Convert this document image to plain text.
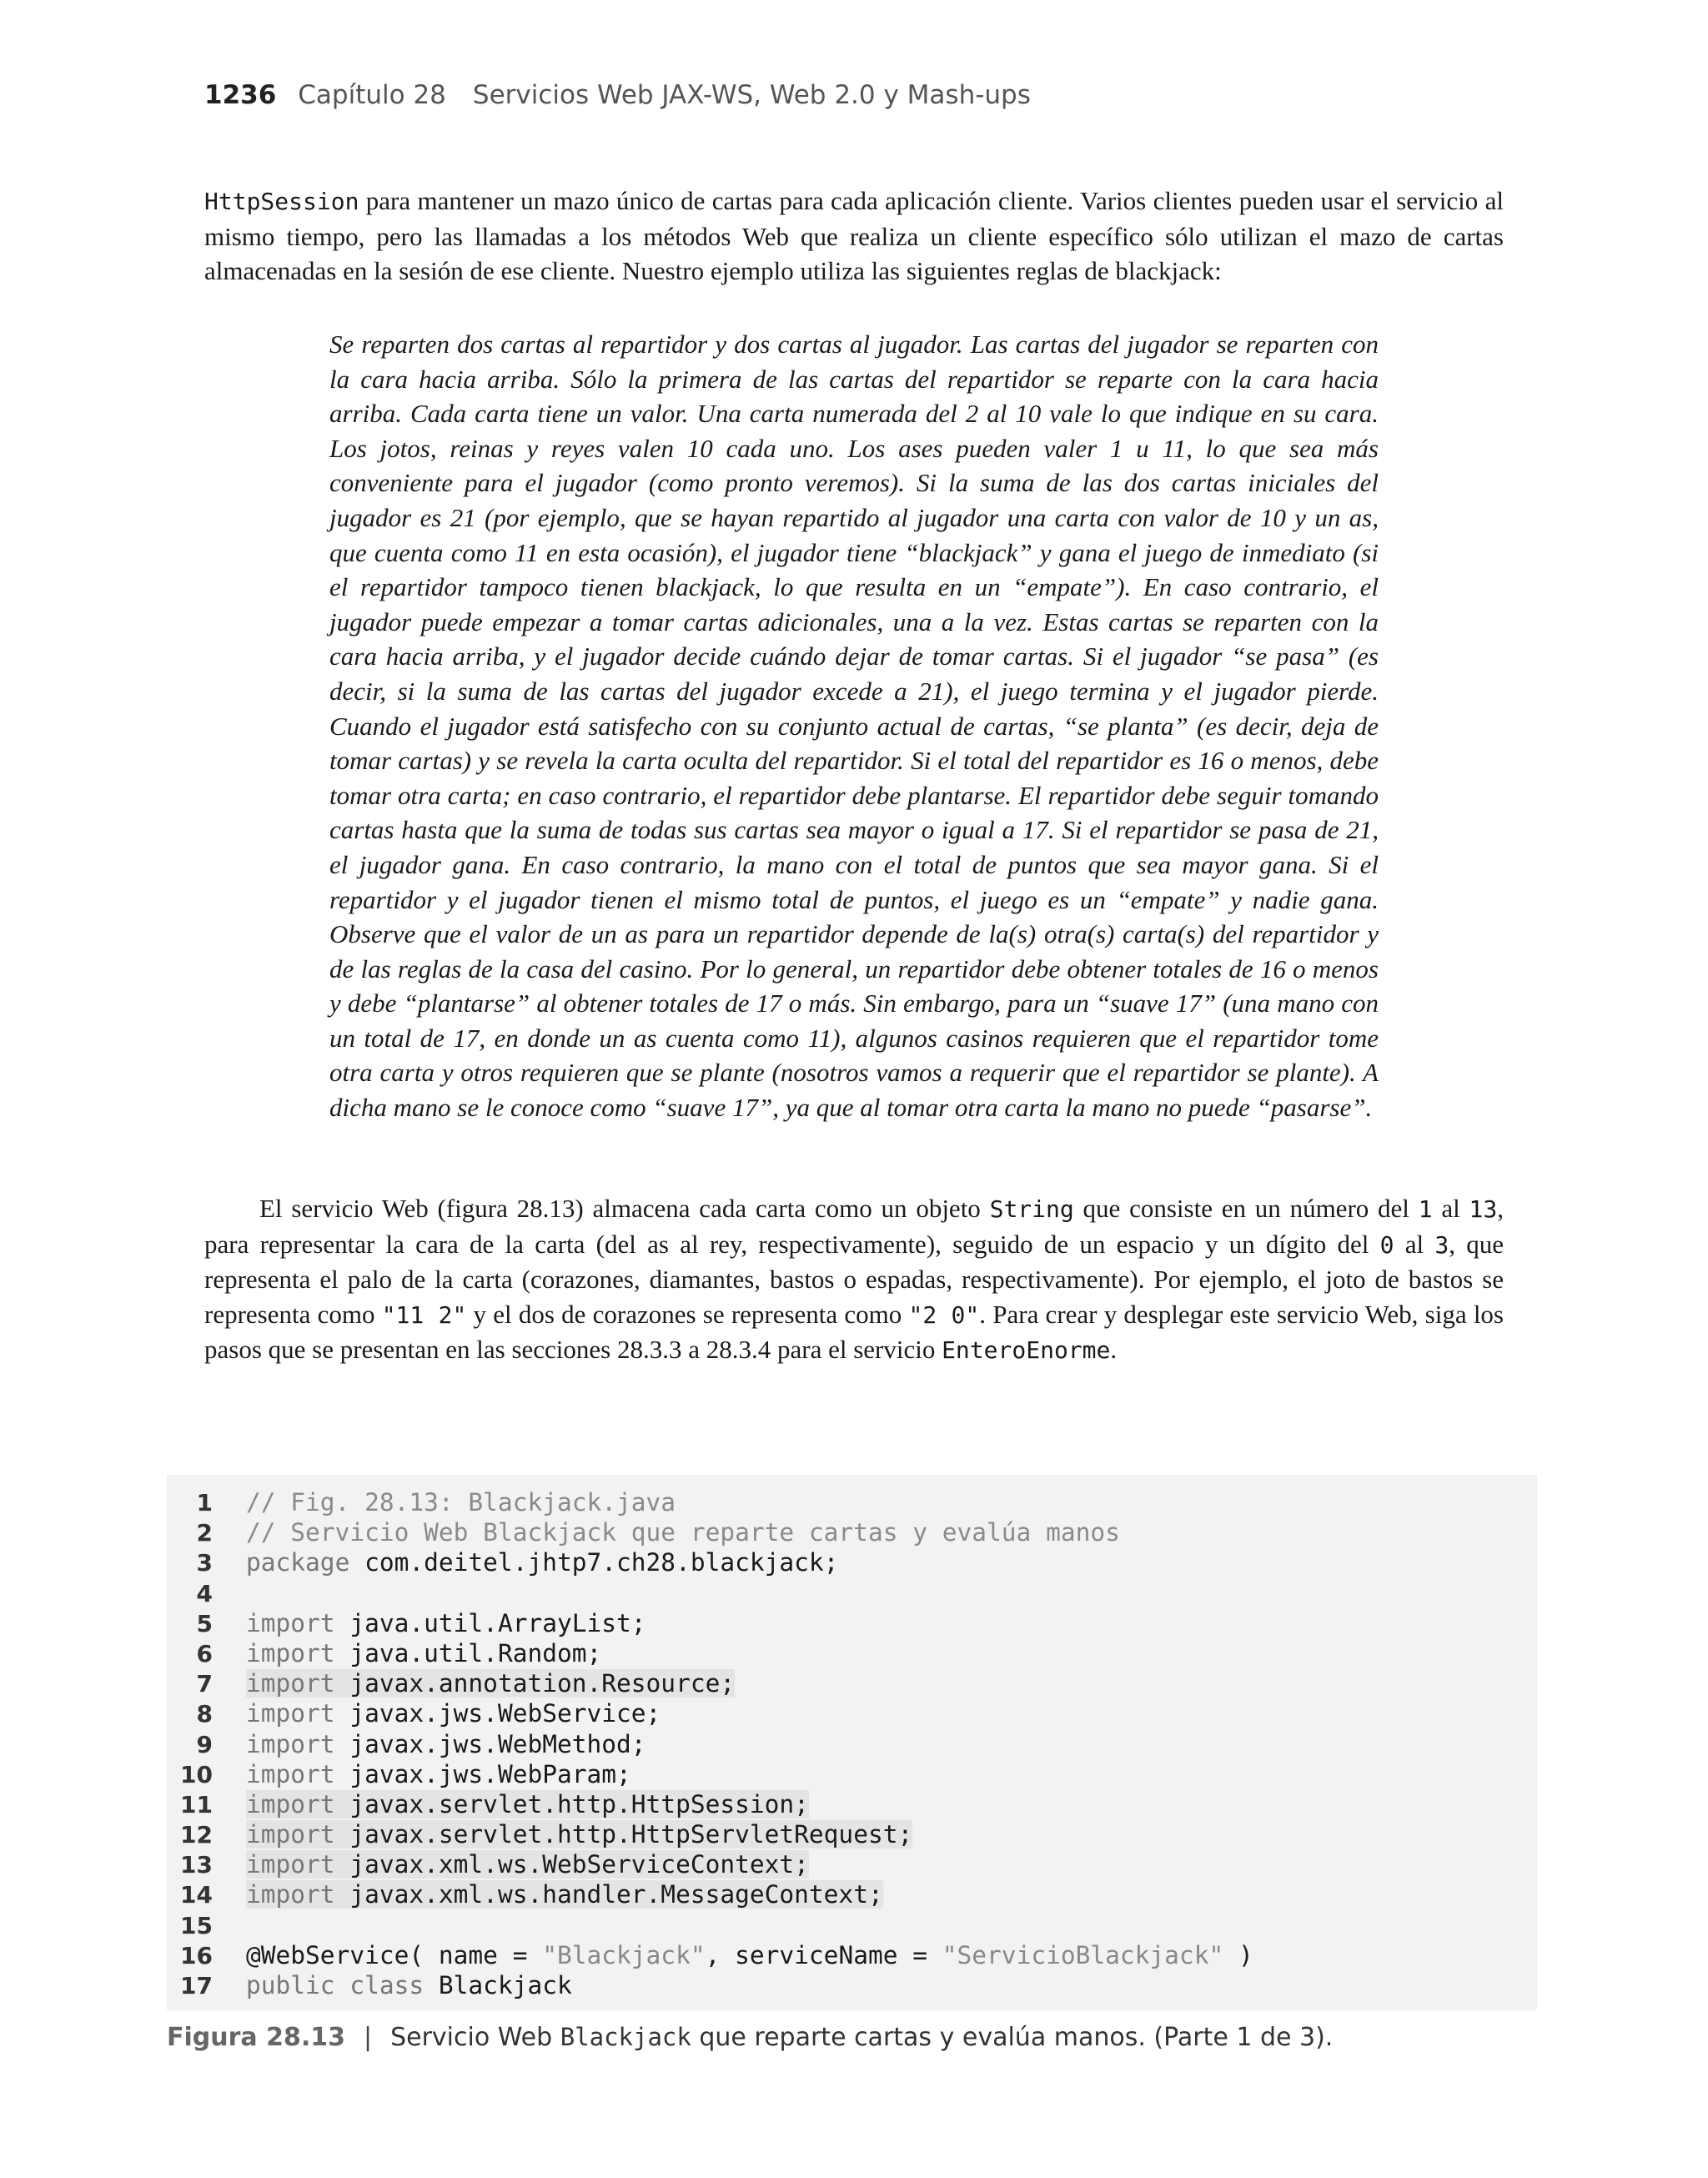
1236 Capítulo 28 Servicios Web JAX-WS, Web 2.0 y Mash-ups

HttpSession para mantener un mazo único de cartas para cada aplicación cliente. Varios clientes pueden usar el servicio al mismo tiempo, pero las llamadas a los métodos Web que realiza un cliente específico sólo utilizan el mazo de cartas almacenadas en la sesión de ese cliente. Nuestro ejemplo utiliza las siguientes reglas de blackjack:

Se reparten dos cartas al repartidor y dos cartas al jugador. Las cartas del jugador se reparten con la cara hacia arriba. Sólo la primera de las cartas del repartidor se reparte con la cara hacia arriba. Cada carta tiene un valor. Una carta numerada del 2 al 10 vale lo que indique en su cara. Los jotos, reinas y reyes valen 10 cada uno. Los ases pueden valer 1 u 11, lo que sea más conveniente para el jugador (como pronto veremos). Si la suma de las dos cartas iniciales del jugador es 21 (por ejemplo, que se hayan repartido al jugador una carta con valor de 10 y un as, que cuenta como 11 en esta ocasión), el jugador tiene “blackjack” y gana el juego de inmediato (si el repartidor tampoco tienen blackjack, lo que resulta en un “empate”). En caso contrario, el jugador puede empezar a tomar cartas adicionales, una a la vez. Estas cartas se reparten con la cara hacia arriba, y el jugador decide cuándo dejar de tomar cartas. Si el jugador “se pasa” (es decir, si la suma de las cartas del jugador excede a 21), el juego termina y el jugador pierde. Cuando el jugador está satisfecho con su conjunto actual de cartas, “se planta” (es decir, deja de tomar cartas) y se revela la carta oculta del repartidor. Si el total del repartidor es 16 o menos, debe tomar otra carta; en caso contrario, el repartidor debe plantarse. El repartidor debe seguir tomando cartas hasta que la suma de todas sus cartas sea mayor o igual a 17. Si el repartidor se pasa de 21, el jugador gana. En caso contrario, la mano con el total de puntos que sea mayor gana. Si el repartidor y el jugador tienen el mismo total de puntos, el juego es un “empate” y nadie gana. Observe que el valor de un as para un repartidor depende de la(s) otra(s) carta(s) del repartidor y de las reglas de la casa del casino. Por lo general, un repartidor debe obtener totales de 16 o menos y debe “plantarse” al obtener totales de 17 o más. Sin embargo, para un “suave 17” (una mano con un total de 17, en donde un as cuenta como 11), algunos casinos requieren que el repartidor tome otra carta y otros requieren que se plante (nosotros vamos a requerir que el repartidor se plante). A dicha mano se le conoce como “suave 17”, ya que al tomar otra carta la mano no puede “pasarse”.

El servicio Web (figura 28.13) almacena cada carta como un objeto String que consiste en un número del 1 al 13, para representar la cara de la carta (del as al rey, respectivamente), seguido de un espacio y un dígito del 0 al 3, que representa el palo de la carta (corazones, diamantes, bastos o espadas, respectivamente). Por ejemplo, el joto de bastos se representa como "11 2" y el dos de corazones se representa como "2 0". Para crear y desplegar este servicio Web, siga los pasos que se presentan en las secciones 28.3.3 a 28.3.4 para el servicio EnteroEnorme.

1 // Fig. 28.13: Blackjack.java
2 // Servicio Web Blackjack que reparte cartas y evalúa manos
3 package com.deitel.jhtp7.ch28.blackjack;
4
5 import java.util.ArrayList;
6 import java.util.Random;
7 import javax.annotation.Resource;
8 import javax.jws.WebService;
9 import javax.jws.WebMethod;
10 import javax.jws.WebParam;
11 import javax.servlet.http.HttpSession;
12 import javax.servlet.http.HttpServletRequest;
13 import javax.xml.ws.WebServiceContext;
14 import javax.xml.ws.handler.MessageContext;
15
16 @WebService( name = "Blackjack", serviceName = "ServicioBlackjack" )
17 public class Blackjack
Figura 28.13 | Servicio Web Blackjack que reparte cartas y evalúa manos. (Parte 1 de 3).
